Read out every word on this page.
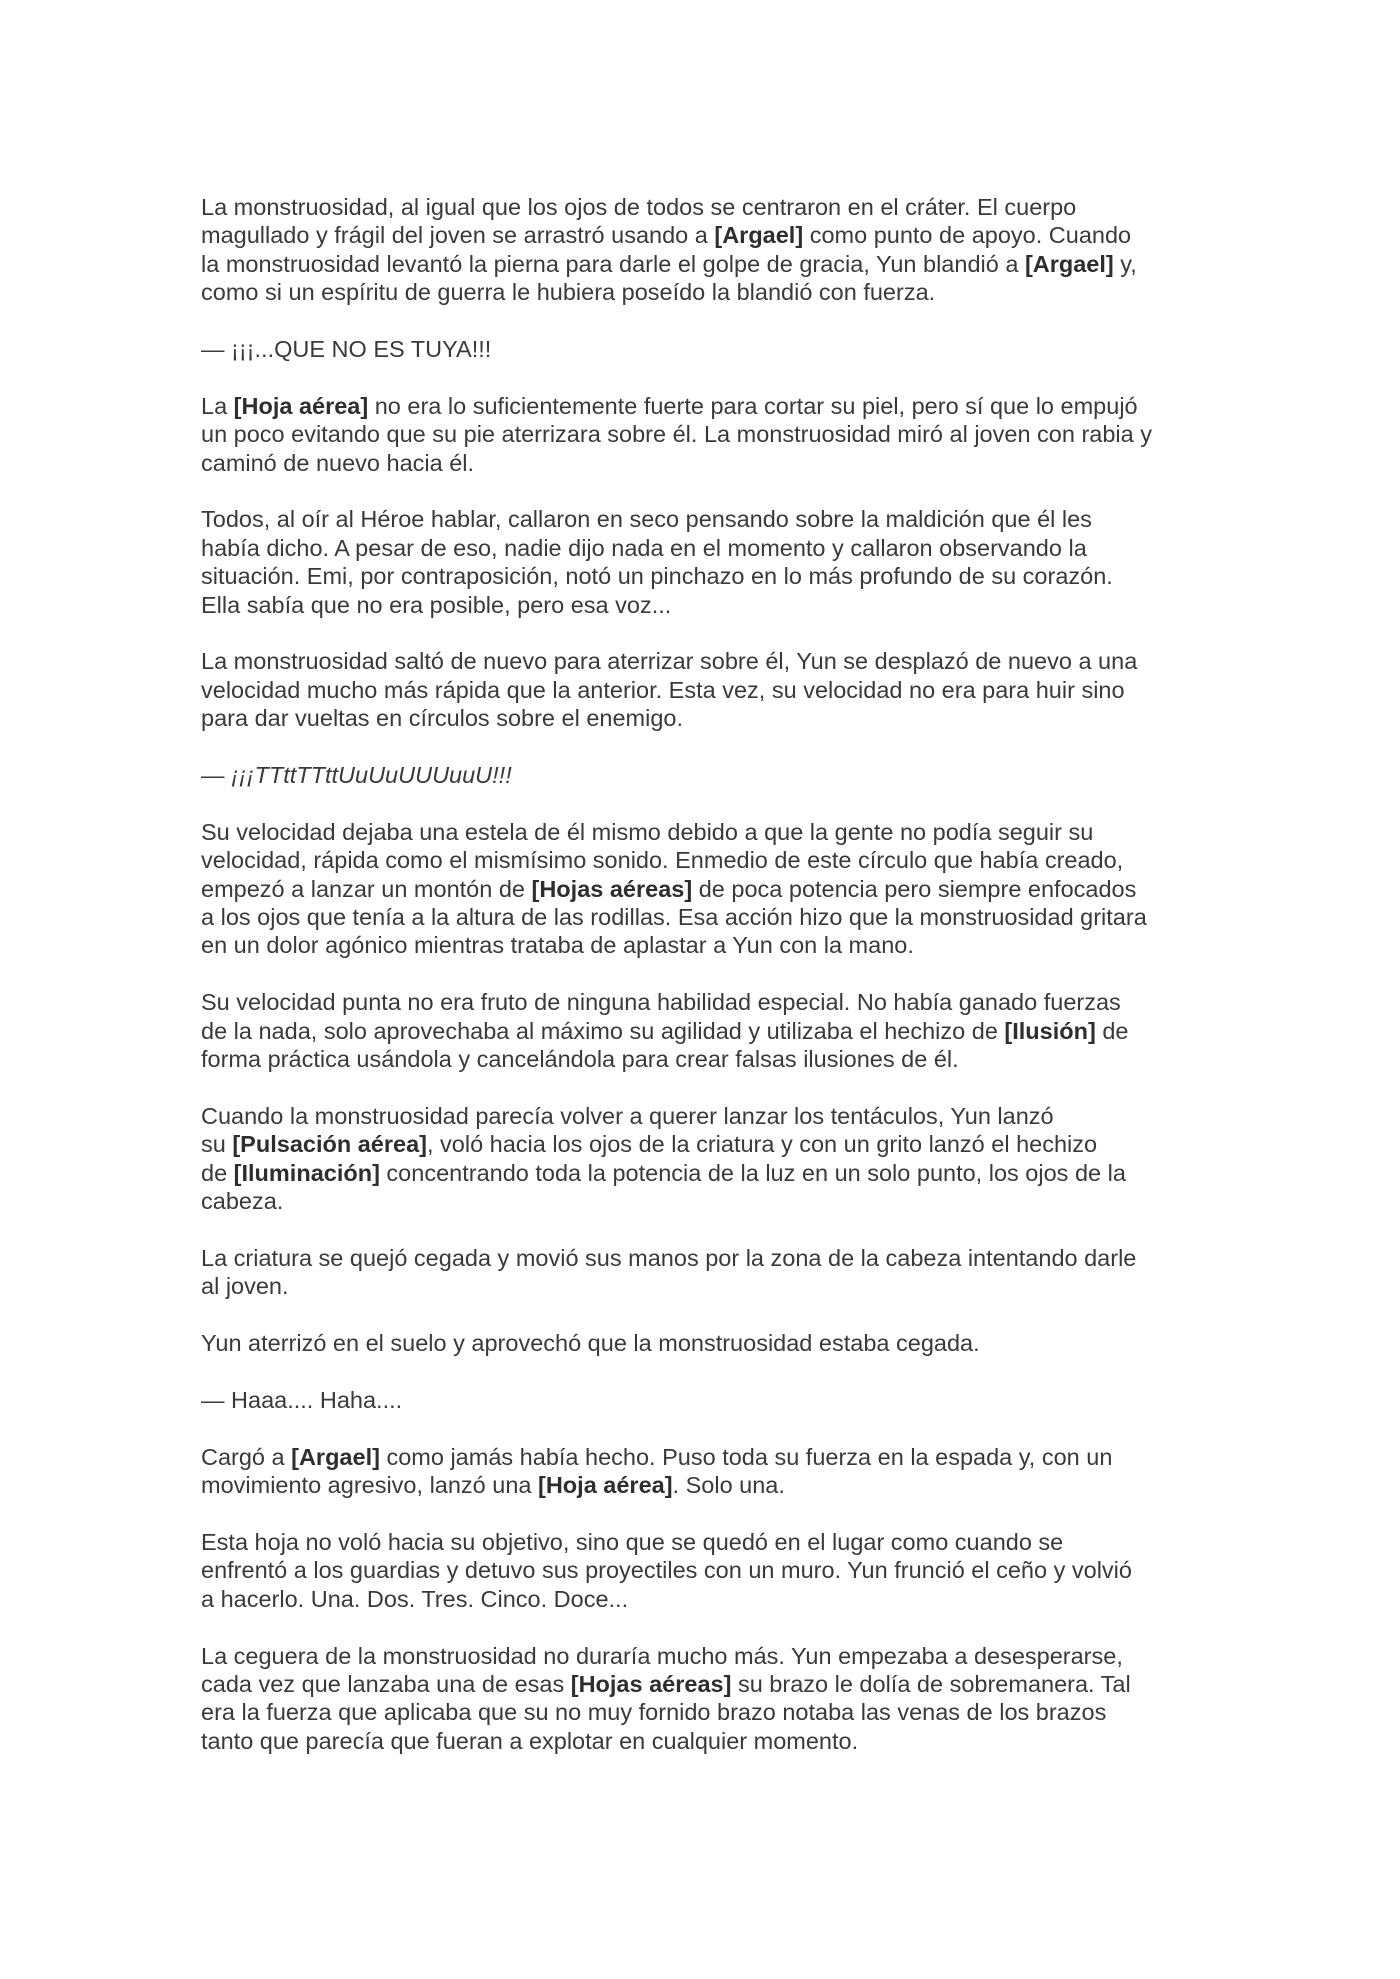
La monstruosidad, al igual que los ojos de todos se centraron en el cráter. El cuerpo
magullado y frágil del joven se arrastró usando a [Argael] como punto de apoyo. Cuando
la monstruosidad levantó la pierna para darle el golpe de gracia, Yun blandió a [Argael] y,
como si un espíritu de guerra le hubiera poseído la blandió con fuerza.

— ¡¡¡...QUE NO ES TUYA!!!

La [Hoja aérea] no era lo suficientemente fuerte para cortar su piel, pero sí que lo empujó
un poco evitando que su pie aterrizara sobre él. La monstruosidad miró al joven con rabia y
caminó de nuevo hacia él.

Todos, al oír al Héroe hablar, callaron en seco pensando sobre la maldición que él les
había dicho. A pesar de eso, nadie dijo nada en el momento y callaron observando la
situación. Emi, por contraposición, notó un pinchazo en lo más profundo de su corazón.
Ella sabía que no era posible, pero esa voz...

La monstruosidad saltó de nuevo para aterrizar sobre él, Yun se desplazó de nuevo a una
velocidad mucho más rápida que la anterior. Esta vez, su velocidad no era para huir sino
para dar vueltas en círculos sobre el enemigo.

— ¡¡¡TTttTTttUuUuUUUuuU!!!

Su velocidad dejaba una estela de él mismo debido a que la gente no podía seguir su
velocidad, rápida como el mismísimo sonido. Enmedio de este círculo que había creado,
empezó a lanzar un montón de [Hojas aéreas] de poca potencia pero siempre enfocados
a los ojos que tenía a la altura de las rodillas. Esa acción hizo que la monstruosidad gritara
en un dolor agónico mientras trataba de aplastar a Yun con la mano.

Su velocidad punta no era fruto de ninguna habilidad especial. No había ganado fuerzas
de la nada, solo aprovechaba al máximo su agilidad y utilizaba el hechizo de [Ilusión] de
forma práctica usándola y cancelándola para crear falsas ilusiones de él.

Cuando la monstruosidad parecía volver a querer lanzar los tentáculos, Yun lanzó
su [Pulsación aérea], voló hacia los ojos de la criatura y con un grito lanzó el hechizo
de [Iluminación] concentrando toda la potencia de la luz en un solo punto, los ojos de la
cabeza.

La criatura se quejó cegada y movió sus manos por la zona de la cabeza intentando darle
al joven.

Yun aterrizó en el suelo y aprovechó que la monstruosidad estaba cegada.

— Haaa.... Haha....

Cargó a [Argael] como jamás había hecho. Puso toda su fuerza en la espada y, con un
movimiento agresivo, lanzó una [Hoja aérea]. Solo una.

Esta hoja no voló hacia su objetivo, sino que se quedó en el lugar como cuando se
enfrentó a los guardias y detuvo sus proyectiles con un muro. Yun frunció el ceño y volvió
a hacerlo. Una. Dos. Tres. Cinco. Doce...

La ceguera de la monstruosidad no duraría mucho más. Yun empezaba a desesperarse,
cada vez que lanzaba una de esas [Hojas aéreas] su brazo le dolía de sobremanera. Tal
era la fuerza que aplicaba que su no muy fornido brazo notaba las venas de los brazos
tanto que parecía que fueran a explotar en cualquier momento.
